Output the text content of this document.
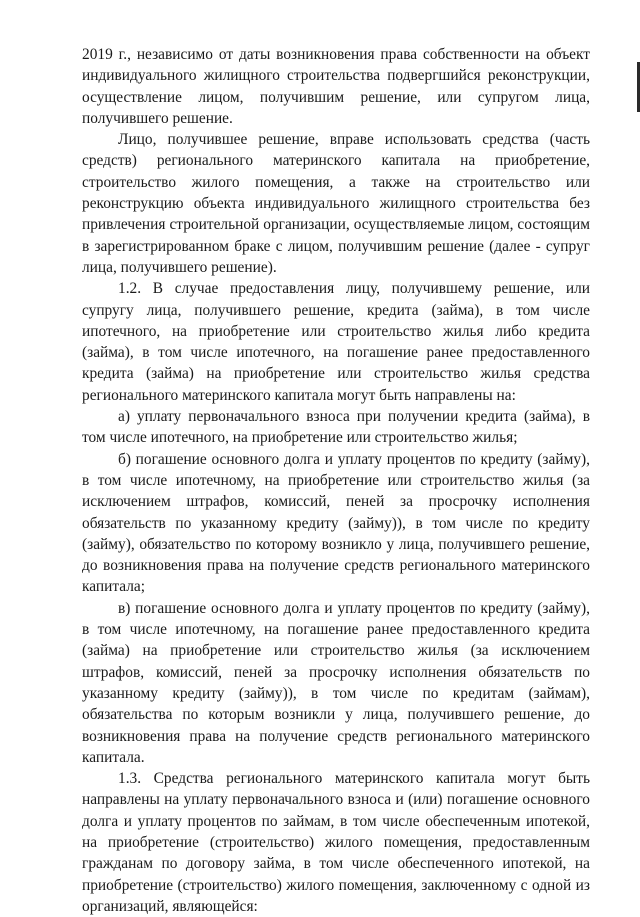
2019 г., независимо от даты возникновения права собственности на объект индивидуального жилищного строительства подвергшийся реконструкции, осуществление лицом, получившим решение, или супругом лица, получившего решение.

Лицо, получившее решение, вправе использовать средства (часть средств) регионального материнского капитала на приобретение, строительство жилого помещения, а также на строительство или реконструкцию объекта индивидуального жилищного строительства без привлечения строительной организации, осуществляемые лицом, состоящим в зарегистрированном браке с лицом, получившим решение (далее - супруг лица, получившего решение).

1.2. В случае предоставления лицу, получившему решение, или супругу лица, получившего решение, кредита (займа), в том числе ипотечного, на приобретение или строительство жилья либо кредита (займа), в том числе ипотечного, на погашение ранее предоставленного кредита (займа) на приобретение или строительство жилья средства регионального материнского капитала могут быть направлены на:

а) уплату первоначального взноса при получении кредита (займа), в том числе ипотечного, на приобретение или строительство жилья;

б) погашение основного долга и уплату процентов по кредиту (займу), в том числе ипотечному, на приобретение или строительство жилья (за исключением штрафов, комиссий, пеней за просрочку исполнения обязательств по указанному кредиту (займу)), в том числе по кредиту (займу), обязательство по которому возникло у лица, получившего решение, до возникновения права на получение средств регионального материнского капитала;

в) погашение основного долга и уплату процентов по кредиту (займу), в том числе ипотечному, на погашение ранее предоставленного кредита (займа) на приобретение или строительство жилья (за исключением штрафов, комиссий, пеней за просрочку исполнения обязательств по указанному кредиту (займу)), в том числе по кредитам (займам), обязательства по которым возникли у лица, получившего решение, до возникновения права на получение средств регионального материнского капитала.

1.3. Средства регионального материнского капитала могут быть направлены на уплату первоначального взноса и (или) погашение основного долга и уплату процентов по займам, в том числе обеспеченным ипотекой, на приобретение (строительство) жилого помещения, предоставленным гражданам по договору займа, в том числе обеспеченного ипотекой, на приобретение (строительство) жилого помещения, заключенному с одной из организаций, являющейся:
